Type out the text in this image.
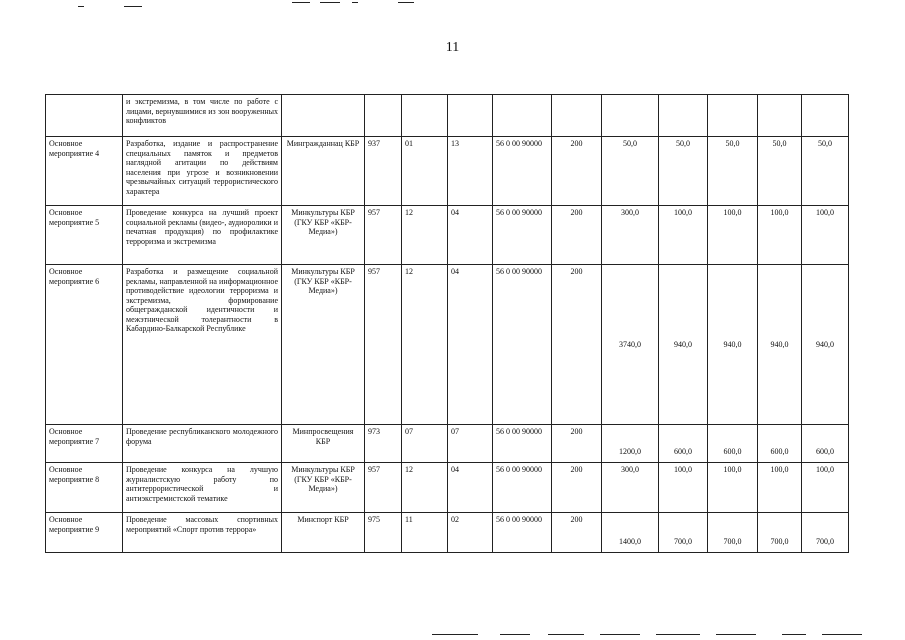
11
	и экстремизма, в том числе по работе с лицами, вернувшимися из зон вооруженных конфликтов											
Основное мероприятие 4	Разработка, издание и распространение специальных памяток и предметов наглядной агитации по действиям населения при угрозе и возникновении чрезвычайных ситуаций террористического характера	Мингражданнац КБР	937	01	13	56 0 00 90000	200	50,0	50,0	50,0	50,0	50,0
Основное мероприятие 5	Проведение конкурса на лучший проект социальной рекламы (видео-, аудиоролики и печатная продукция) по профилактике терроризма и экстремизма	Минкультуры КБР (ГКУ КБР «КБР-Медиа»)	957	12	04	56 0 00 90000	200	300,0	100,0	100,0	100,0	100,0
Основное мероприятие 6	Разработка и размещение социальной рекламы, направленной на информационное противодействие идеологии терроризма и экстремизма, формирование общегражданской идентичности и межэтнической толерантности в Кабардино-Балкарской Республике	Минкультуры КБР (ГКУ КБР «КБР-Медиа»)	957	12	04	56 0 00 90000	200	3740,0	940,0	940,0	940,0	940,0
Основное мероприятие 7	Проведение республиканского молодежного форума	Минпросвещения КБР	973	07	07	56 0 00 90000	200	1200,0	600,0	600,0	600,0	600,0
Основное мероприятие 8	Проведение конкурса на лучшую журналистскую работу по антитеррористической и антиэкстремистской тематике	Минкультуры КБР (ГКУ КБР «КБР-Медиа»)	957	12	04	56 0 00 90000	200	300,0	100,0	100,0	100,0	100,0
Основное мероприятие 9	Проведение массовых спортивных мероприятий «Спорт против террора»	Минспорт КБР	975	11	02	56 0 00 90000	200	1400,0	700,0	700,0	700,0	700,0
